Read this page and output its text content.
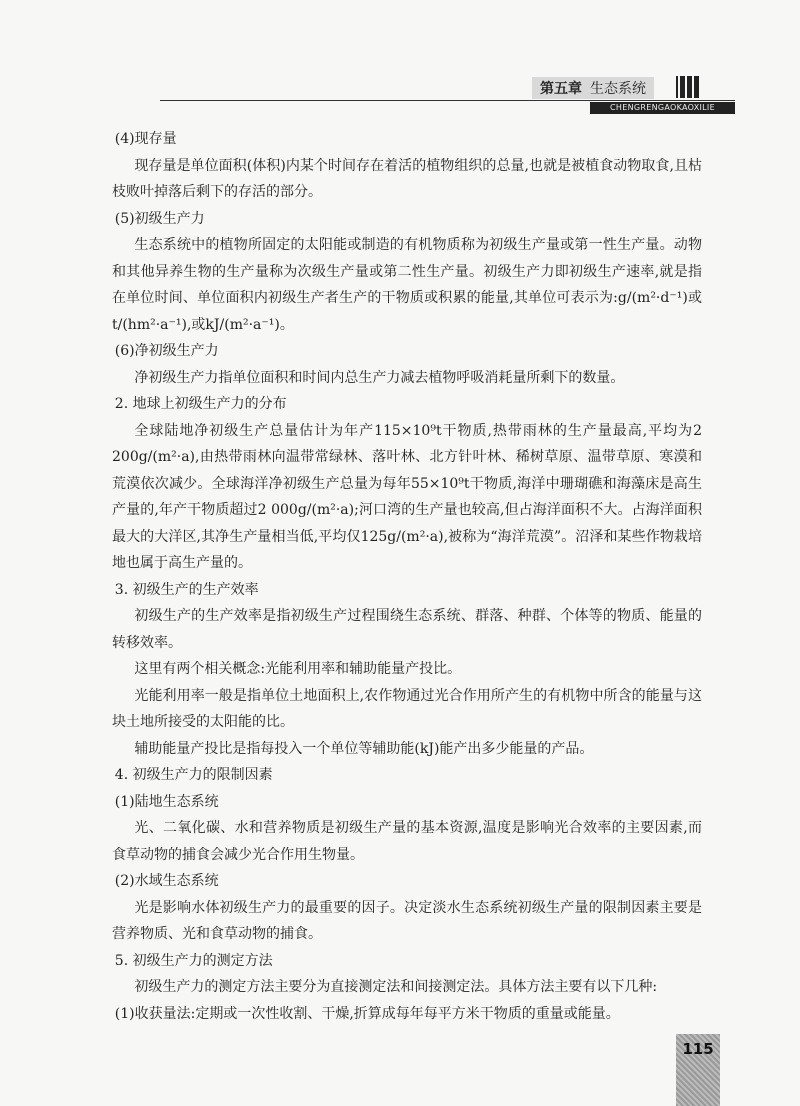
第五章 生态系统
CHENGRENGAOKAOXILIE

(4)现存量

现存量是单位面积(体积)内某个时间存在着活的植物组织的总量,也就是被植食动物取食,且枯枝败叶掉落后剩下的存活的部分。

(5)初级生产力

生态系统中的植物所固定的太阳能或制造的有机物质称为初级生产量或第一性生产量。动物和其他异养生物的生产量称为次级生产量或第二性生产量。初级生产力即初级生产速率,就是指在单位时间、单位面积内初级生产者生产的干物质或积累的能量,其单位可表示为:g/(m²·d⁻¹)或t/(hm²·a⁻¹),或kJ/(m²·a⁻¹)。

(6)净初级生产力

净初级生产力指单位面积和时间内总生产力减去植物呼吸消耗量所剩下的数量。

2. 地球上初级生产力的分布

全球陆地净初级生产总量估计为年产115×10⁹t干物质,热带雨林的生产量最高,平均为2 200g/(m²·a),由热带雨林向温带常绿林、落叶林、北方针叶林、稀树草原、温带草原、寒漠和荒漠依次减少。全球海洋净初级生产总量为每年55×10⁹t干物质,海洋中珊瑚礁和海藻床是高生产量的,年产干物质超过2 000g/(m²·a);河口湾的生产量也较高,但占海洋面积不大。占海洋面积最大的大洋区,其净生产量相当低,平均仅125g/(m²·a),被称为“海洋荒漠”。沼泽和某些作物栽培地也属于高生产量的。

3. 初级生产的生产效率

初级生产的生产效率是指初级生产过程围绕生态系统、群落、种群、个体等的物质、能量的转移效率。

这里有两个相关概念:光能利用率和辅助能量产投比。

光能利用率一般是指单位土地面积上,农作物通过光合作用所产生的有机物中所含的能量与这块土地所接受的太阳能的比。

辅助能量产投比是指每投入一个单位等辅助能(kJ)能产出多少能量的产品。

4. 初级生产力的限制因素

(1)陆地生态系统

光、二氧化碳、水和营养物质是初级生产量的基本资源,温度是影响光合效率的主要因素,而食草动物的捕食会减少光合作用生物量。

(2)水域生态系统

光是影响水体初级生产力的最重要的因子。决定淡水生态系统初级生产量的限制因素主要是营养物质、光和食草动物的捕食。

5. 初级生产力的测定方法

初级生产力的测定方法主要分为直接测定法和间接测定法。具体方法主要有以下几种:

(1)收获量法:定期或一次性收割、干燥,折算成每年每平方米干物质的重量或能量。

115
